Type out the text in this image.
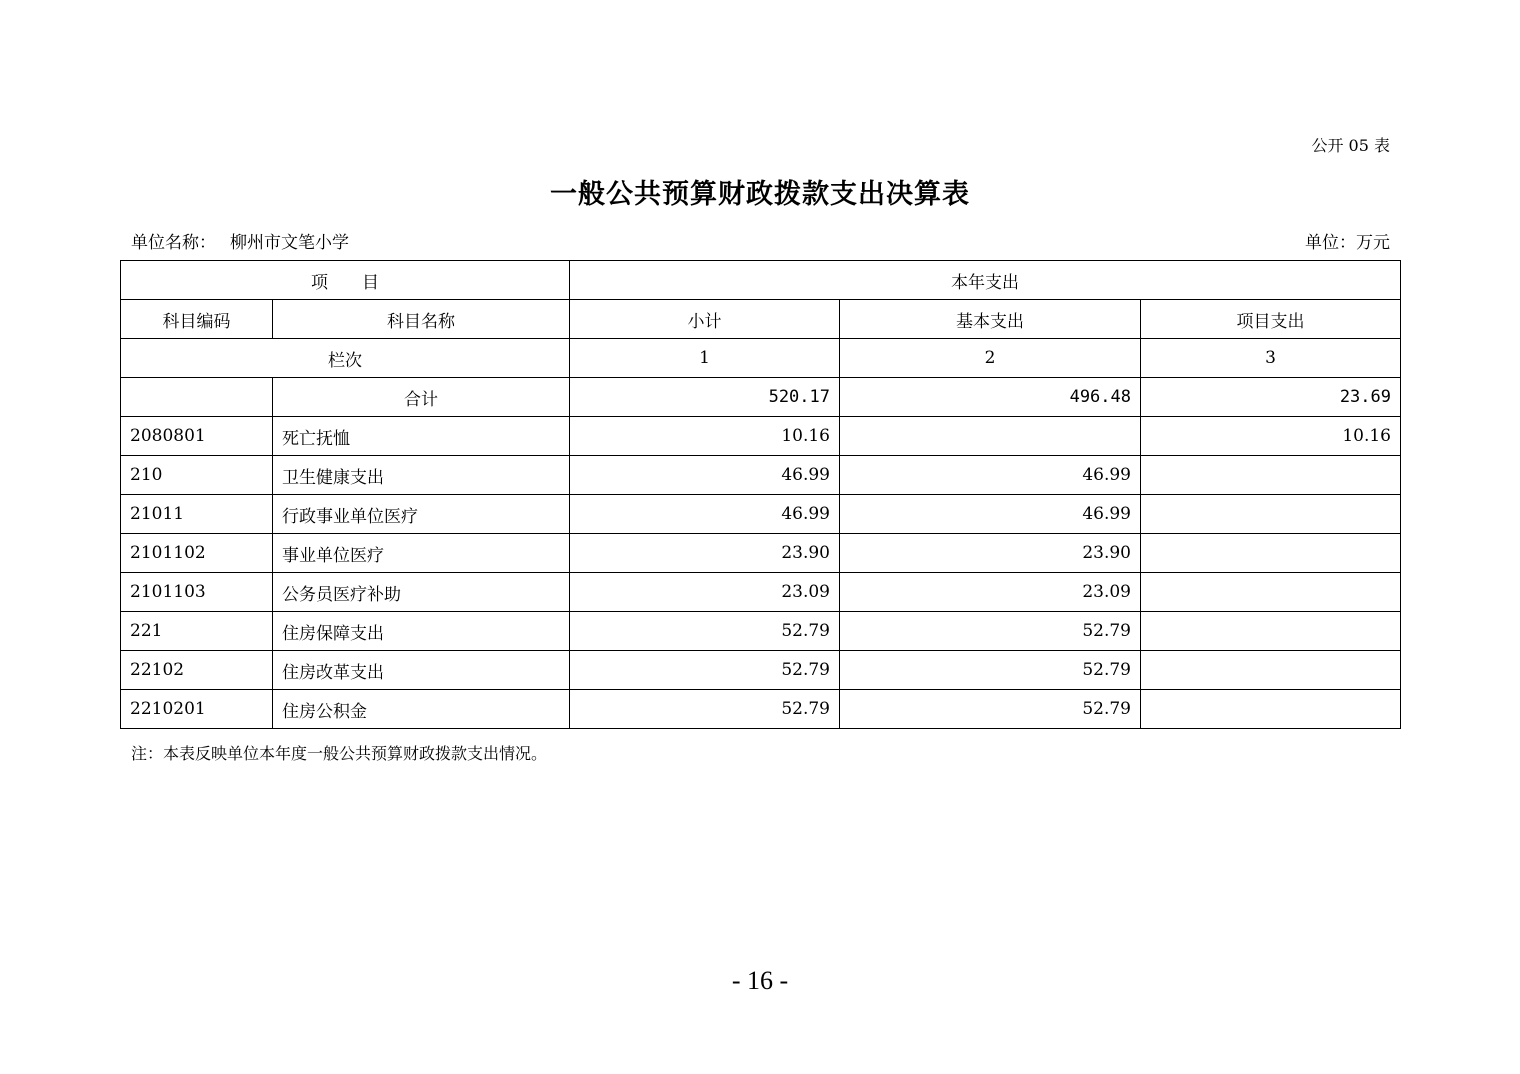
公开 05 表
一般公共预算财政拨款支出决算表
单位名称： 柳州市文笔小学	单位：万元
项　　目		本年支出		
科目编码	科目名称	小计	基本支出	项目支出
栏次		1	2	3
	合计	520.17	496.48	23.69
2080801	死亡抚恤	10.16		10.16
210	卫生健康支出	46.99	46.99	
21011	行政事业单位医疗	46.99	46.99	
2101102	事业单位医疗	23.90	23.90	
2101103	公务员医疗补助	23.09	23.09	
221	住房保障支出	52.79	52.79	
22102	住房改革支出	52.79	52.79	
2210201	住房公积金	52.79	52.79	
注：本表反映单位本年度一般公共预算财政拨款支出情况。
- 16 -
